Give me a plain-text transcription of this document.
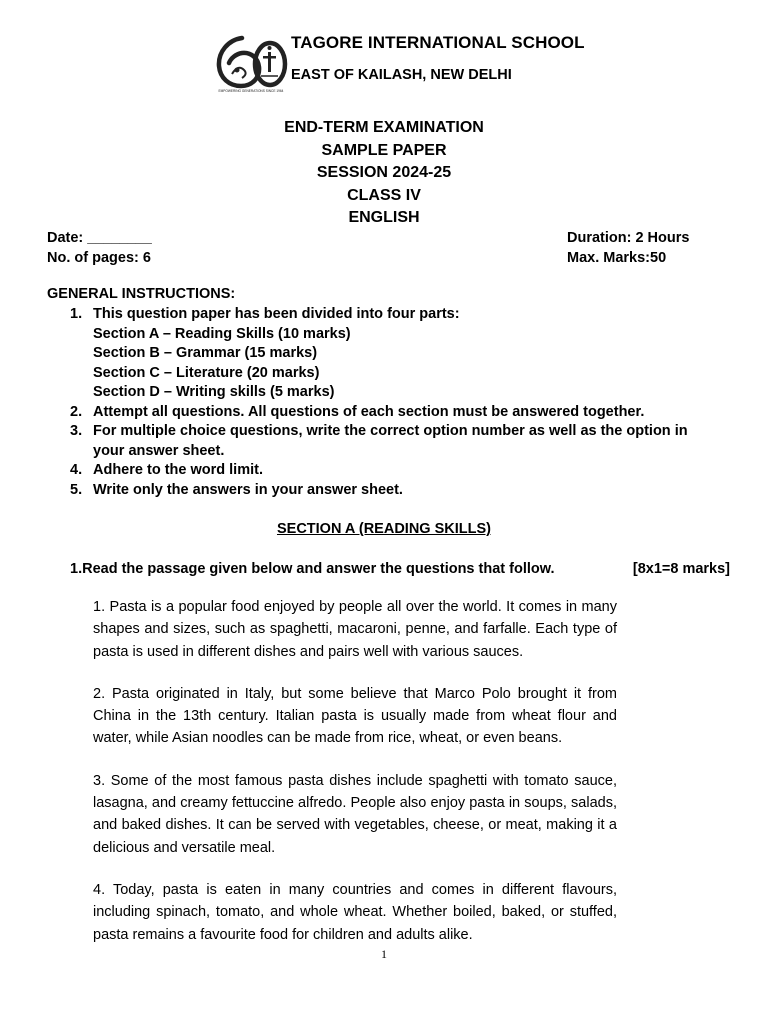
EMPOWERING GENERATIONS SINCE 1964
TAGORE INTERNATIONAL SCHOOL
EAST OF KAILASH, NEW DELHI
END-TERM EXAMINATION
SAMPLE PAPER
SESSION 2024-25
CLASS IV
ENGLISH
Date: ________
No. of pages: 6
Duration: 2 Hours
Max. Marks:50
GENERAL INSTRUCTIONS:
1. This question paper has been divided into four parts:
Section A – Reading Skills (10 marks)
Section B – Grammar (15 marks)
Section C – Literature (20 marks)
Section D – Writing skills (5 marks)
2. Attempt all questions. All questions of each section must be answered together.
3. For multiple choice questions, write the correct option number as well as the option in your answer sheet.
4. Adhere to the word limit.
5. Write only the answers in your answer sheet.
SECTION A (READING SKILLS)
1.Read the passage given below and answer the questions that follow.	[8x1=8 marks]

1. Pasta is a popular food enjoyed by people all over the world. It comes in many shapes and sizes, such as spaghetti, macaroni, penne, and farfalle. Each type of pasta is used in different dishes and pairs well with various sauces.

2. Pasta originated in Italy, but some believe that Marco Polo brought it from China in the 13th century. Italian pasta is usually made from wheat flour and water, while Asian noodles can be made from rice, wheat, or even beans.

3. Some of the most famous pasta dishes include spaghetti with tomato sauce, lasagna, and creamy fettuccine alfredo. People also enjoy pasta in soups, salads, and baked dishes. It can be served with vegetables, cheese, or meat, making it a delicious and versatile meal.

4. Today, pasta is eaten in many countries and comes in different flavours, including spinach, tomato, and whole wheat. Whether boiled, baked, or stuffed, pasta remains a favourite food for children and adults alike.

1
